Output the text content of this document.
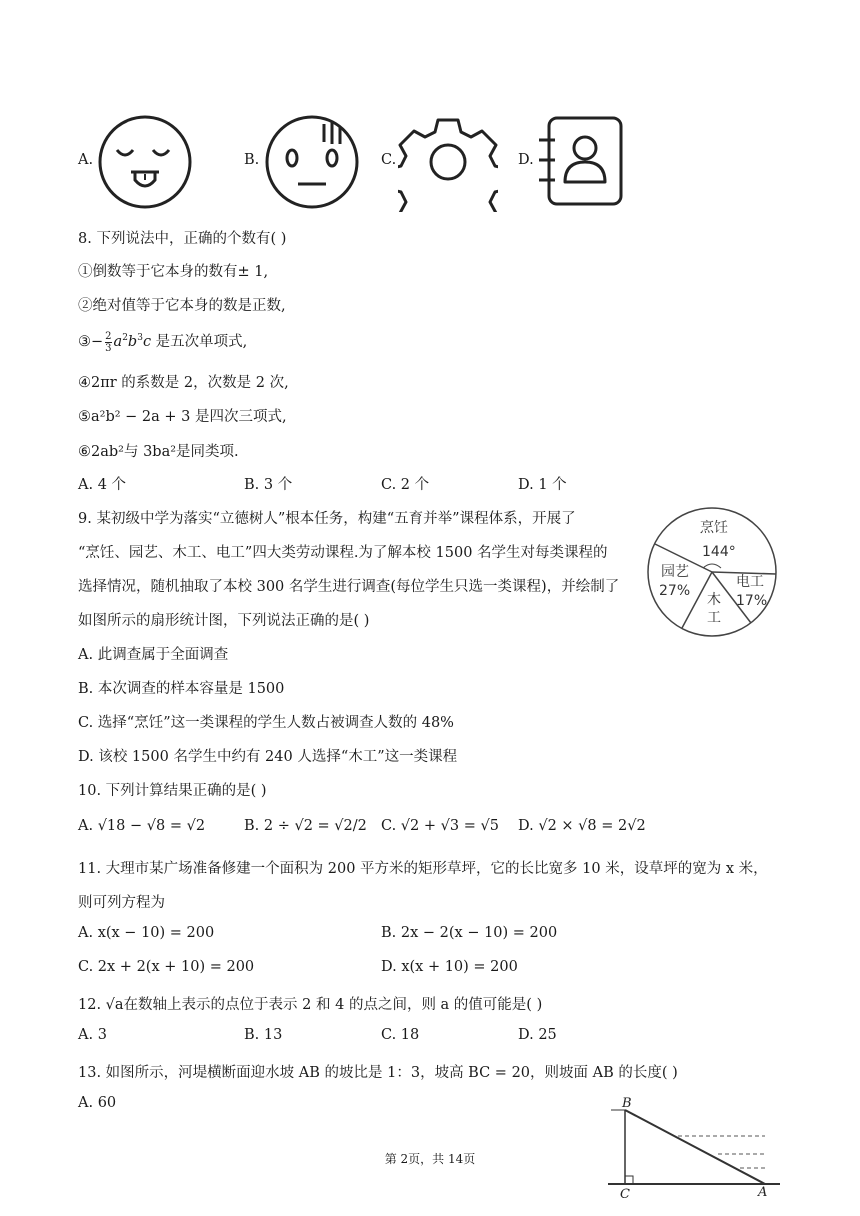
A.	B.	C.	D.
8. 下列说法中，正确的个数有( )
①倒数等于它本身的数有± 1,
②绝对值等于它本身的数是正数,
③− $\frac{2}{3} a^2b^3c$ 是五次单项式,
④2πr 的系数是 2，次数是 2 次,
⑤a²b² − 2a + 3 是四次三项式,
⑥2ab²与 3ba²是同类项.
A. 4 个	B. 3 个	C. 2 个	D. 1 个
9. 某初级中学为落实“立德树人”根本任务，构建“五育并举”课程体系，开展了
“烹饪、园艺、木工、电工”四大类劳动课程.为了解本校 1500 名学生对每类课程的
选择情况，随机抽取了本校 300 名学生进行调查(每位学生只选一类课程)，并绘制了
如图所示的扇形统计图，下列说法正确的是( )
烹饪
144°
园艺
27%
木
工
电工
17%
A. 此调查属于全面调查
B. 本次调查的样本容量是 1500
C. 选择“烹饪”这一类课程的学生人数占被调查人数的 48%
D. 该校 1500 名学生中约有 240 人选择“木工”这一类课程
10. 下列计算结果正确的是( )
A. √18 − √8 = √2	B. 2 ÷ √2 = √2/2 C. √2 + √3 = √5 D. √2 × √8 = 2√2
11. 大理市某广场准备修建一个面积为 200 平方米的矩形草坪，它的长比宽多 10 米，设草坪的宽为 x 米，
则可列方程为
A. x(x − 10) = 200	B. 2x − 2(x − 10) = 200
C. 2x + 2(x + 10) = 200	D. x(x + 10) = 200
12. √a在数轴上表示的点位于表示 2 和 4 的点之间，则 a 的值可能是( )
A. 3	B. 13	C. 18	D. 25
13. 如图所示，河堤横断面迎水坡 AB 的坡比是 1：3，坡高 BC = 20，则坡面 AB 的长度( )
A. 60	B
C	A
第 2页，共 14页
